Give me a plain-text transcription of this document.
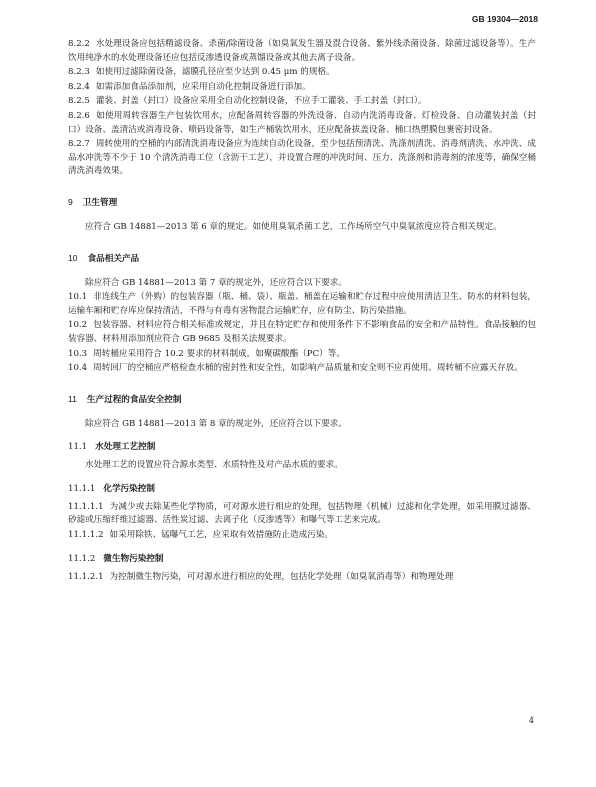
GB 19304—2018

8.2.2 水处理设备应包括精滤设备、杀菌/除菌设备（如臭氧发生器及混合设备、紫外线杀菌设备、除菌过滤设备等）。生产饮用纯净水的水处理设备还应包括反渗透设备或蒸馏设备或其他去离子设备。

8.2.3 如使用过滤除菌设备，滤膜孔径应至少达到 0.45 μm 的规格。

8.2.4 如需添加食品添加剂，应采用自动化控制设备进行添加。

8.2.5 灌装、封盖（封口）设备应采用全自动化控制设备，不应手工灌装、手工封盖（封口）。

8.2.6 如使用周转容器生产包装饮用水，应配备周转容器的外洗设备、自动内洗消毒设备、灯检设备、自动灌装封盖（封口）设备、盖清洁或消毒设备、喷码设备等，如生产桶装饮用水，还应配备拔盖设备、桶口热塑膜包裹密封设备。

8.2.7 周转使用的空桶的内部清洗消毒设备应为连续自动化设备，至少包括预清洗、洗涤剂清洗、消毒剂清洗、水冲洗、成品水冲洗等不少于 10 个清洗消毒工位（含沥干工艺），并设置合理的冲洗时间、压力、洗涤剂和消毒剂的浓度等，确保空桶清洗消毒效果。

9 卫生管理

应符合 GB 14881—2013 第 6 章的规定。如使用臭氧杀菌工艺，工作场所空气中臭氧浓度应符合相关规定。

10 食品相关产品

除应符合 GB 14881—2013 第 7 章的规定外，还应符合以下要求。

10.1 非连线生产（外购）的包装容器（瓶、桶、袋）、瓶盖、桶盖在运输和贮存过程中应使用清洁卫生、防水的材料包装，运输车厢和贮存库应保持清洁，不得与有毒有害物混合运输贮存，应有防尘、防污染措施。

10.2 包装容器、材料应符合相关标准或规定，并且在特定贮存和使用条件下不影响食品的安全和产品特性。食品接触的包装容器、材料用添加剂应符合 GB 9685 及相关法规要求。

10.3 周转桶应采用符合 10.2 要求的材料制成，如聚碳酸酯（PC）等。

10.4 周转回厂的空桶应严格检查水桶的密封性和安全性，如影响产品质量和安全则不应再使用。周转桶不应露天存放。

11 生产过程的食品安全控制

除应符合 GB 14881—2013 第 8 章的规定外，还应符合以下要求。

11.1 水处理工艺控制

水处理工艺的设置应符合源水类型、水质特性及对产品水质的要求。

11.1.1 化学污染控制

11.1.1.1 为减少或去除某些化学物质，可对源水进行相应的处理，包括物理（机械）过滤和化学处理，如采用膜过滤器、砂滤或压缩纤维过滤器、活性炭过滤、去离子化（反渗透等）和曝气等工艺来完成。

11.1.1.2 如采用除铁、锰曝气工艺，应采取有效措施防止造成污染。

11.1.2 微生物污染控制

11.1.2.1 为控制微生物污染，可对源水进行相应的处理，包括化学处理（如臭氧消毒等）和物理处理

4
